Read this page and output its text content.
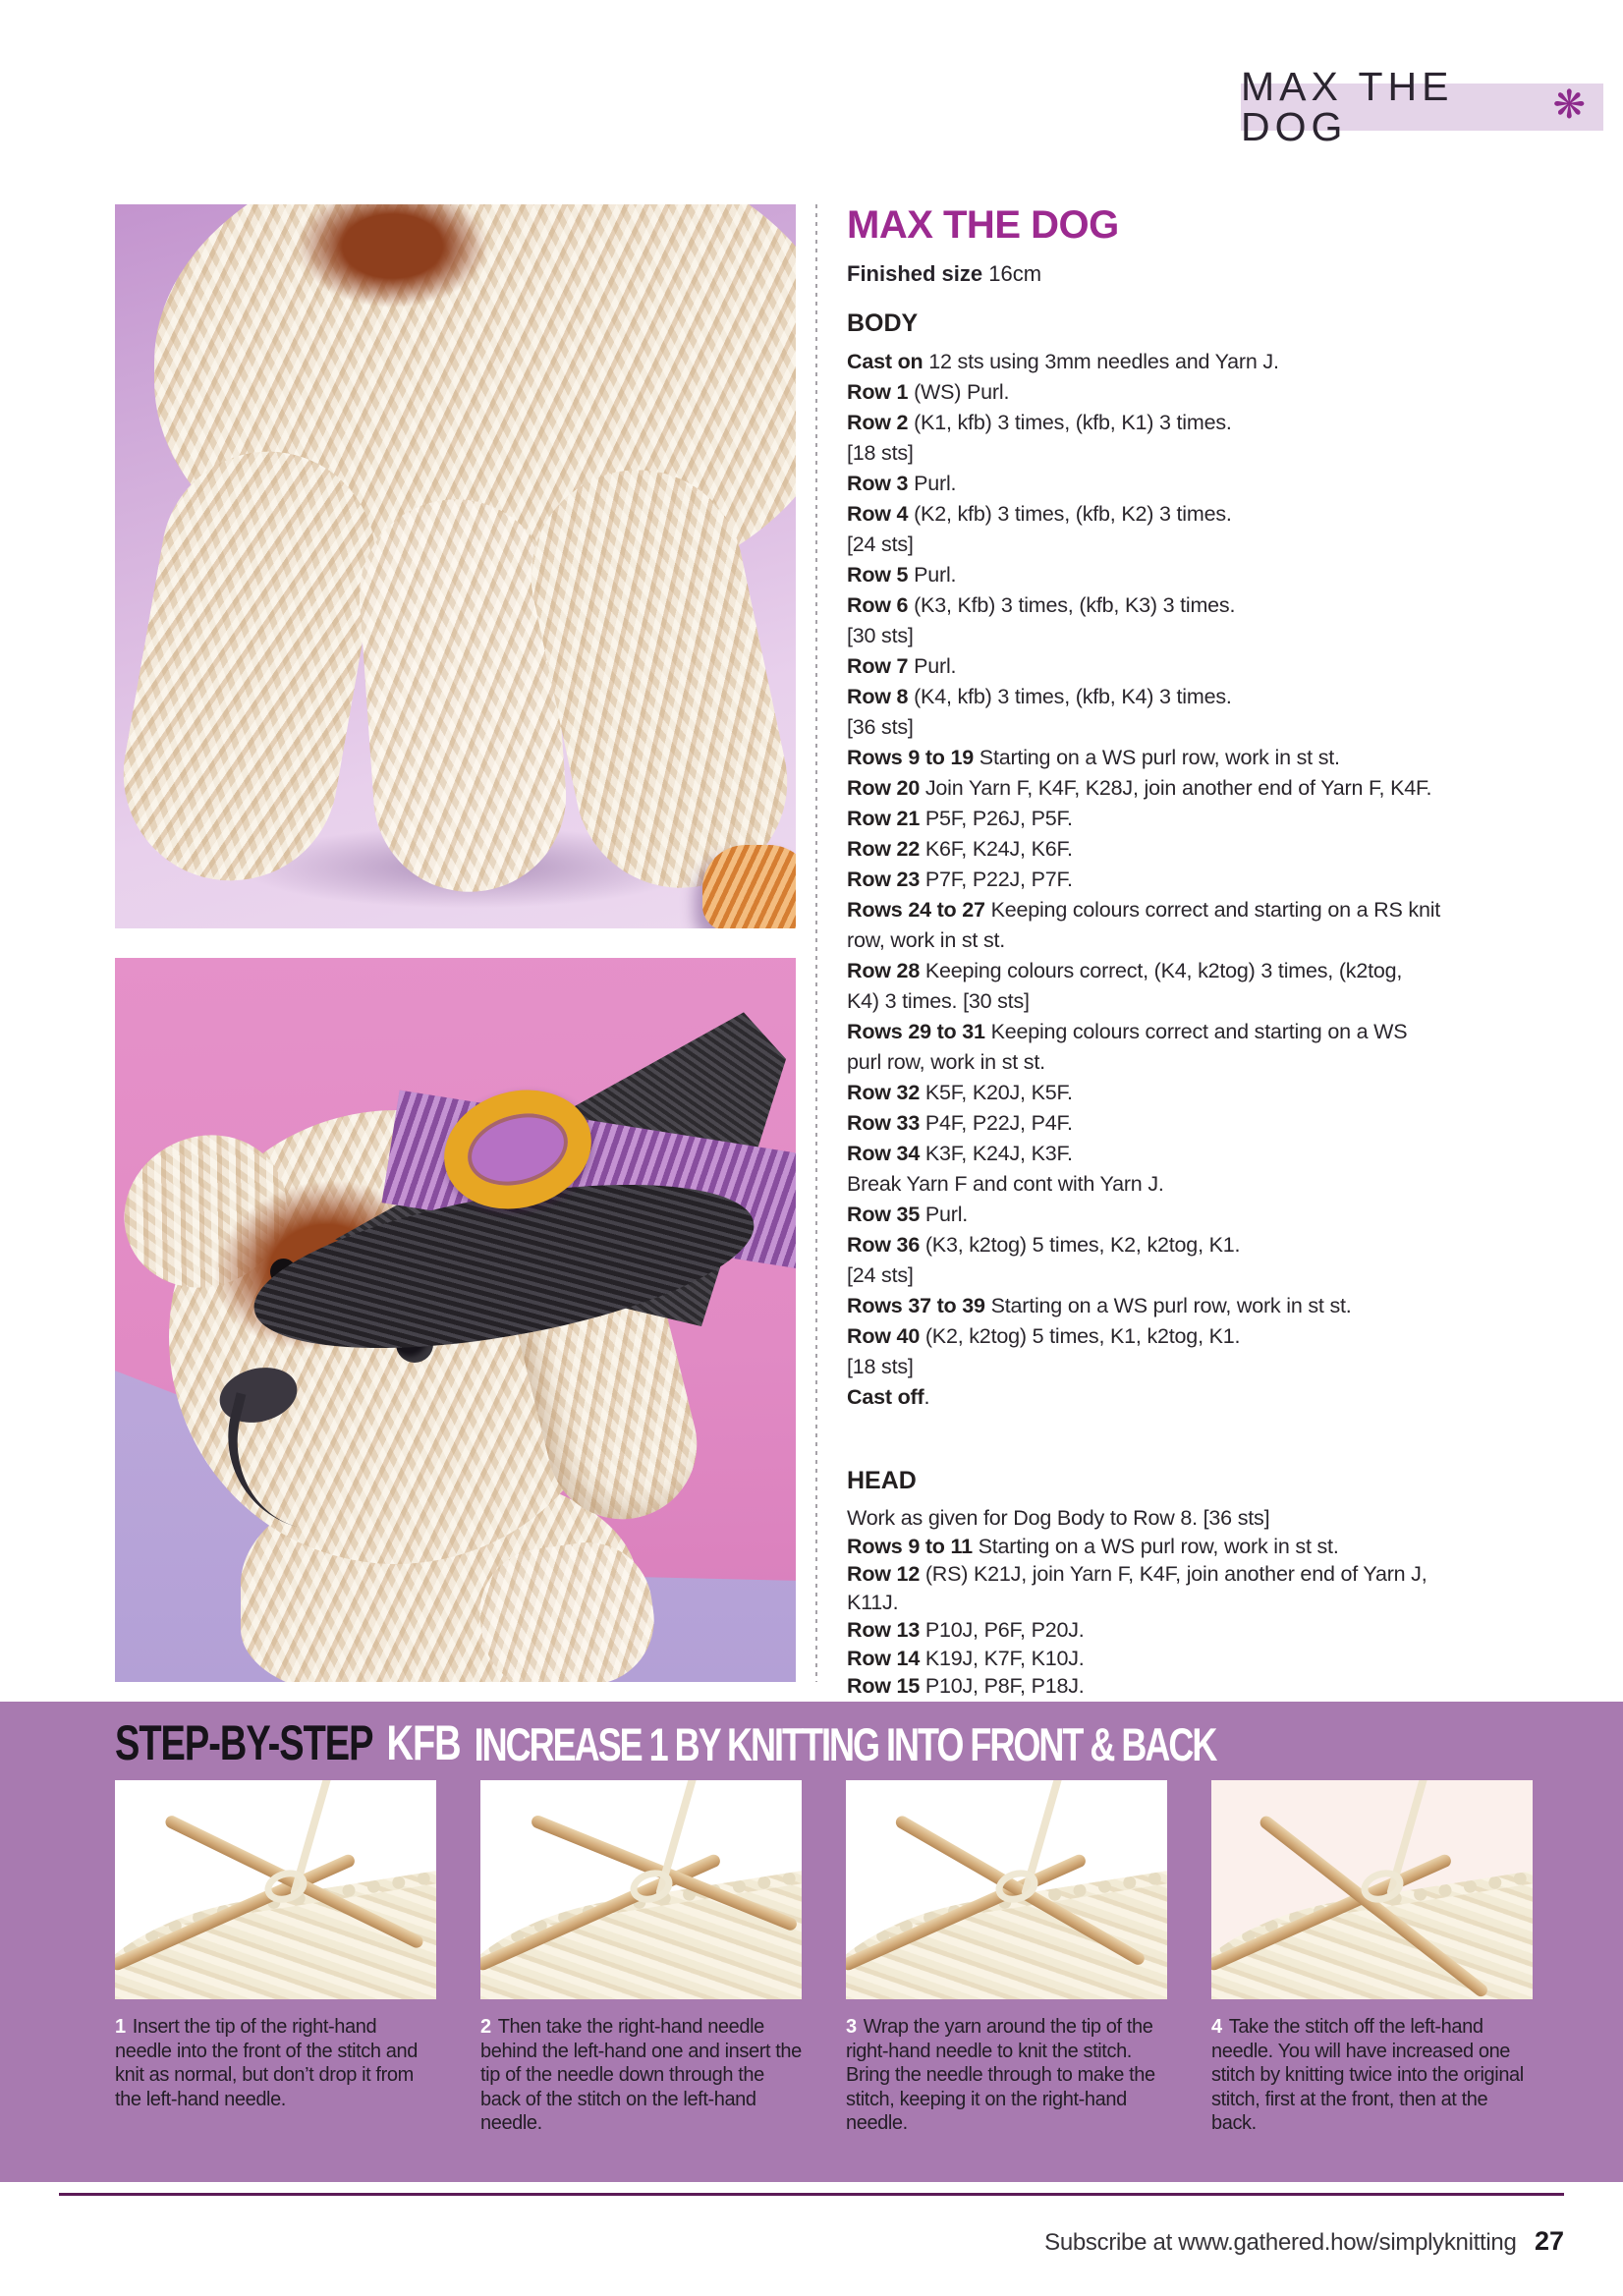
MAX THE DOG	❋
MAX THE DOG
Finished size 16cm
BODY
Cast on 12 sts using 3mm needles and Yarn J.
Row 1 (WS) Purl.
Row 2 (K1, kfb) 3 times, (kfb, K1) 3 times.
[18 sts]
Row 3 Purl.
Row 4 (K2, kfb) 3 times, (kfb, K2) 3 times.
[24 sts]
Row 5 Purl.
Row 6 (K3, Kfb) 3 times, (kfb, K3) 3 times.
[30 sts]
Row 7 Purl.
Row 8 (K4, kfb) 3 times, (kfb, K4) 3 times.
[36 sts]
Rows 9 to 19 Starting on a WS purl row, work in st st.
Row 20 Join Yarn F, K4F, K28J, join another end of Yarn F, K4F.
Row 21 P5F, P26J, P5F.
Row 22 K6F, K24J, K6F.
Row 23 P7F, P22J, P7F.
Rows 24 to 27 Keeping colours correct and starting on a RS knit
row, work in st st.
Row 28 Keeping colours correct, (K4, k2tog) 3 times, (k2tog,
K4) 3 times. [30 sts]
Rows 29 to 31 Keeping colours correct and starting on a WS
purl row, work in st st.
Row 32 K5F, K20J, K5F.
Row 33 P4F, P22J, P4F.
Row 34 K3F, K24J, K3F.
Break Yarn F and cont with Yarn J.
Row 35 Purl.
Row 36 (K3, k2tog) 5 times, K2, k2tog, K1.
[24 sts]
Rows 37 to 39 Starting on a WS purl row, work in st st.
Row 40 (K2, k2tog) 5 times, K1, k2tog, K1.
[18 sts]
Cast off.
HEAD
Work as given for Dog Body to Row 8. [36 sts]
Rows 9 to 11 Starting on a WS purl row, work in st st.
Row 12 (RS) K21J, join Yarn F, K4F, join another end of Yarn J,
K11J.
Row 13 P10J, P6F, P20J.
Row 14 K19J, K7F, K10J.
Row 15 P10J, P8F, P18J.
STEP-BY-STEP KFB INCREASE 1 BY KNITTING INTO FRONT & BACK

1 Insert the tip of the right-hand needle into the front of the stitch and knit as normal, but don’t drop it from the left-hand needle.

2 Then take the right-hand needle behind the left-hand one and insert the tip of the needle down through the back of the stitch on the left-hand needle.

3 Wrap the yarn around the tip of the right-hand needle to knit the stitch. Bring the needle through to make the stitch, keeping it on the right-hand needle.

4 Take the stitch off the left-hand needle. You will have increased one stitch by knitting twice into the original stitch, first at the front, then at the back.

Subscribe at www.gathered.how/simplyknitting 27
